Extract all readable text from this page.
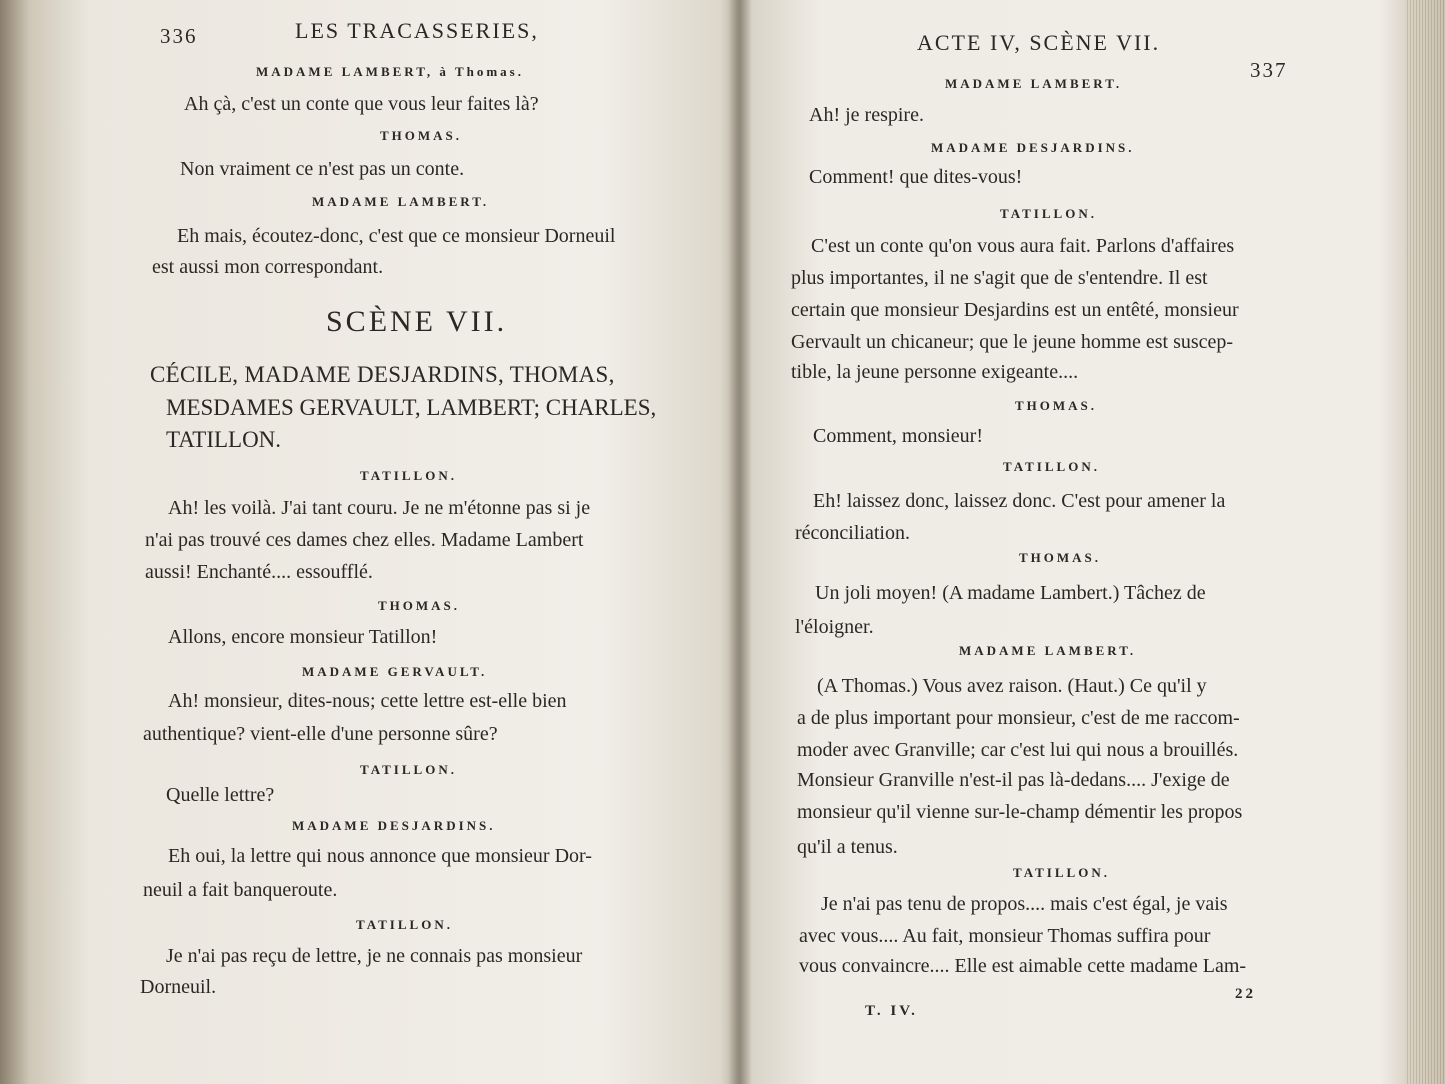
336	LES TRACASSERIES,
MADAME LAMBERT, à Thomas.
Ah çà, c'est un conte que vous leur faites là?
THOMAS.
Non vraiment ce n'est pas un conte.
MADAME LAMBERT.
Eh mais, écoutez-donc, c'est que ce monsieur Dorneuil
est aussi mon correspondant.
SCÈNE VII.
CÉCILE, MADAME DESJARDINS, THOMAS,
MESDAMES GERVAULT, LAMBERT; CHARLES,
TATILLON.
TATILLON.
Ah! les voilà. J'ai tant couru. Je ne m'étonne pas si je
n'ai pas trouvé ces dames chez elles. Madame Lambert
aussi! Enchanté.... essoufflé.
THOMAS.
Allons, encore monsieur Tatillon!
MADAME GERVAULT.
Ah! monsieur, dites-nous; cette lettre est-elle bien
authentique? vient-elle d'une personne sûre?
TATILLON.
Quelle lettre?
MADAME DESJARDINS.
Eh oui, la lettre qui nous annonce que monsieur Dor-
neuil a fait banqueroute.
TATILLON.
Je n'ai pas reçu de lettre, je ne connais pas monsieur
Dorneuil.
ACTE IV, SCÈNE VII.
337
MADAME LAMBERT.
Ah! je respire.
MADAME DESJARDINS.
Comment! que dites-vous!
TATILLON.
C'est un conte qu'on vous aura fait. Parlons d'affaires
plus importantes, il ne s'agit que de s'entendre. Il est
certain que monsieur Desjardins est un entêté, monsieur
Gervault un chicaneur; que le jeune homme est suscep-
tible, la jeune personne exigeante....
THOMAS.
Comment, monsieur!
TATILLON.
Eh! laissez donc, laissez donc. C'est pour amener la
réconciliation.
THOMAS.
Un joli moyen! (A madame Lambert.) Tâchez de
l'éloigner.
MADAME LAMBERT.
(A Thomas.) Vous avez raison. (Haut.) Ce qu'il y
a de plus important pour monsieur, c'est de me raccom-
moder avec Granville; car c'est lui qui nous a brouillés.
Monsieur Granville n'est-il pas là-dedans.... J'exige de
monsieur qu'il vienne sur-le-champ démentir les propos
qu'il a tenus.
TATILLON.
Je n'ai pas tenu de propos.... mais c'est égal, je vais
avec vous.... Au fait, monsieur Thomas suffira pour
vous convaincre.... Elle est aimable cette madame Lam-
T. IV.
22
